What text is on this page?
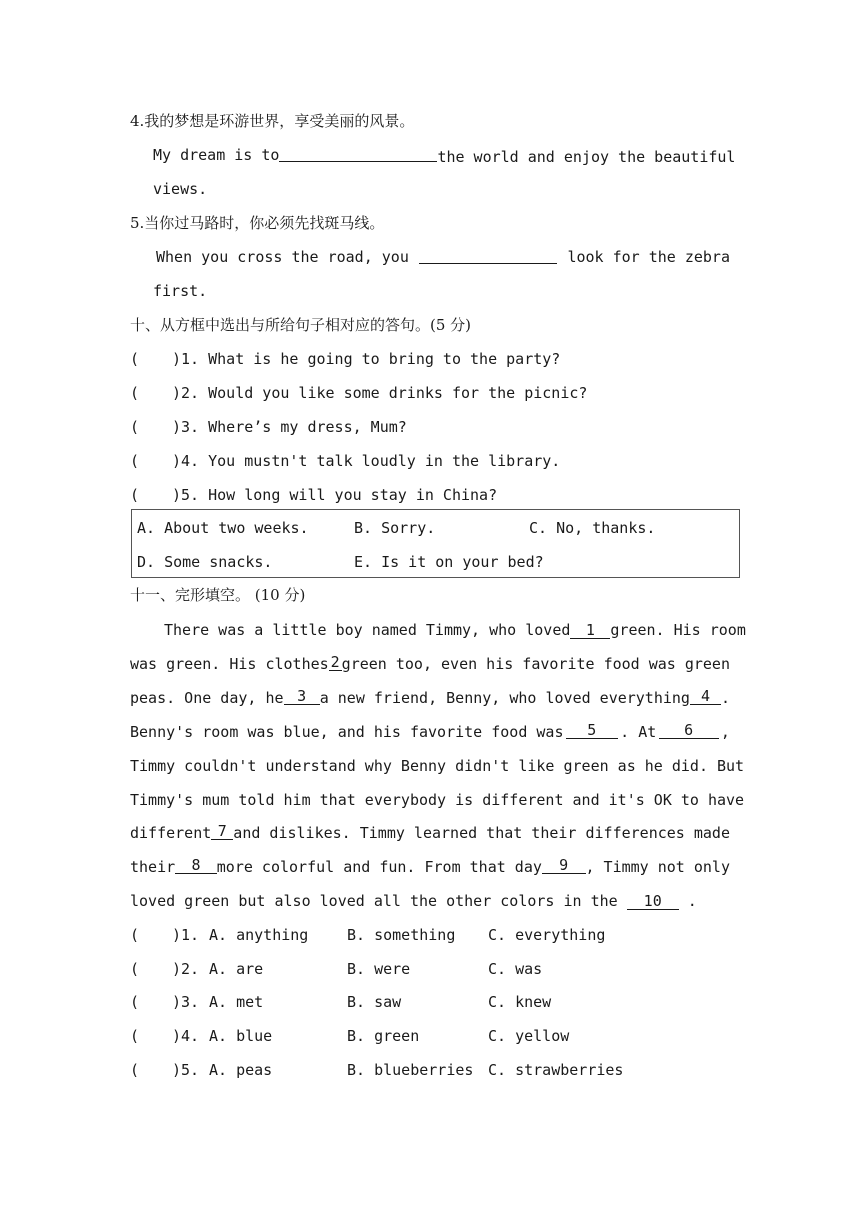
4.我的梦想是环游世界，享受美丽的风景。
My dream is to	the world and enjoy the beautiful
views.
5.当你过马路时，你必须先找斑马线。
When you cross the road, you	look for the zebra
first.
十、从方框中选出与所给句子相对应的答句。(5 分)
( )1. What is he going to bring to the party?
( )2. Would you like some drinks for the picnic?
( )3. Where’s my dress, Mum?
( )4. You mustn't talk loudly in the library.
( )5. How long will you stay in China?
A. About two weeks.	B. Sorry.	C. No, thanks.
D. Some snacks.	E. Is it on your bed?
十一、完形填空。 (10 分)
There was a little boy named Timmy, who loved	1 green. His room
was green. His clothes 2 green too, even his favorite food was green
peas. One day, he 3 a new friend, Benny, who loved everything 4 .
Benny's room was blue, and his favorite food was	5	. At	6	,
Timmy couldn't understand why Benny didn't like green as he did. But
Timmy's mum told him that everybody is different and it's OK to have
different 7 and dislikes. Timmy learned that their differences made
their	8	more colorful and fun. From that day	9	, Timmy not only
loved green but also loved all the other colors in the 10 .
( )1. A. anything	B. something C. everything
( )2. A. are	B. were	C. was
( )3. A. met	B. saw	C. knew
( )4. A. blue	B. green	C. yellow
( )5. A. peas	B. blueberries C. strawberries
